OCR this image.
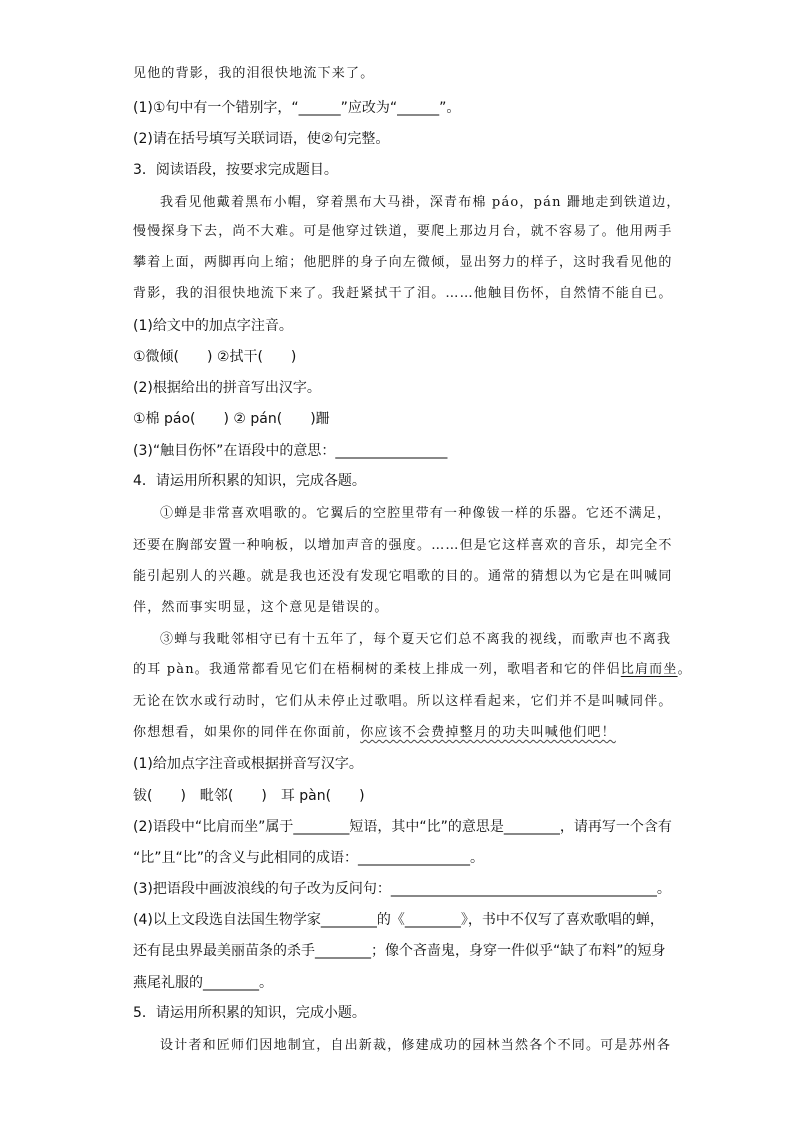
见他的背影，我的泪很快地流下来了。
(1)①句中有一个错别字，“______”应改为“______”。
(2)请在括号填写关联词语，使②句完整。
3．阅读语段，按要求完成题目。
我看见他戴着黑布小帽，穿着黑布大马褂，深青布棉 páo，pán 跚地走到铁道边，
慢慢探身下去，尚不大难。可是他穿过铁道，要爬上那边月台，就不容易了。他用两手
攀着上面，两脚再向上缩；他肥胖的身子向左微倾，显出努力的样子，这时我看见他的
背影，我的泪很快地流下来了。我赶紧拭干了泪。……他触目伤怀，自然情不能自已。
(1)给文中的加点字注音。
①微倾(　　) ②拭干(　　)
(2)根据给出的拼音写出汉字。
①棉 páo(　　) ② pán(　　)跚
(3)“触目伤怀”在语段中的意思：________________
4．请运用所积累的知识，完成各题。
①蝉是非常喜欢唱歌的。它翼后的空腔里带有一种像钹一样的乐器。它还不满足，
还要在胸部安置一种响板，以增加声音的强度。……但是它这样喜欢的音乐，却完全不
能引起别人的兴趣。就是我也还没有发现它唱歌的目的。通常的猜想以为它是在叫喊同
伴，然而事实明显，这个意见是错误的。
③蝉与我毗邻相守已有十五年了，每个夏天它们总不离我的视线，而歌声也不离我
的耳 pàn。我通常都看见它们在梧桐树的柔枝上排成一列，歌唱者和它的伴侣比肩而坐。
无论在饮水或行动时，它们从未停止过歌唱。所以这样看起来，它们并不是叫喊同伴。
你想想看，如果你的同伴在你面前，你应该不会费掉整月的功夫叫喊他们吧！
(1)给加点字注音或根据拼音写汉字。
钹(　　)　毗邻(　　)　耳 pàn(　　)
(2)语段中“比肩而坐”属于________短语，其中“比”的意思是________，请再写一个含有
“比”且“比”的含义与此相同的成语：________________。
(3)把语段中画波浪线的句子改为反问句：______________________________________。
(4)以上文段选自法国生物学家________的《________》，书中不仅写了喜欢歌唱的蝉，
还有昆虫界最美丽苗条的杀手________；像个吝啬鬼，身穿一件似乎“缺了布料”的短身
燕尾礼服的________。
5．请运用所积累的知识，完成小题。
设计者和匠师们因地制宜，自出新裁，修建成功的园林当然各个不同。可是苏州各
